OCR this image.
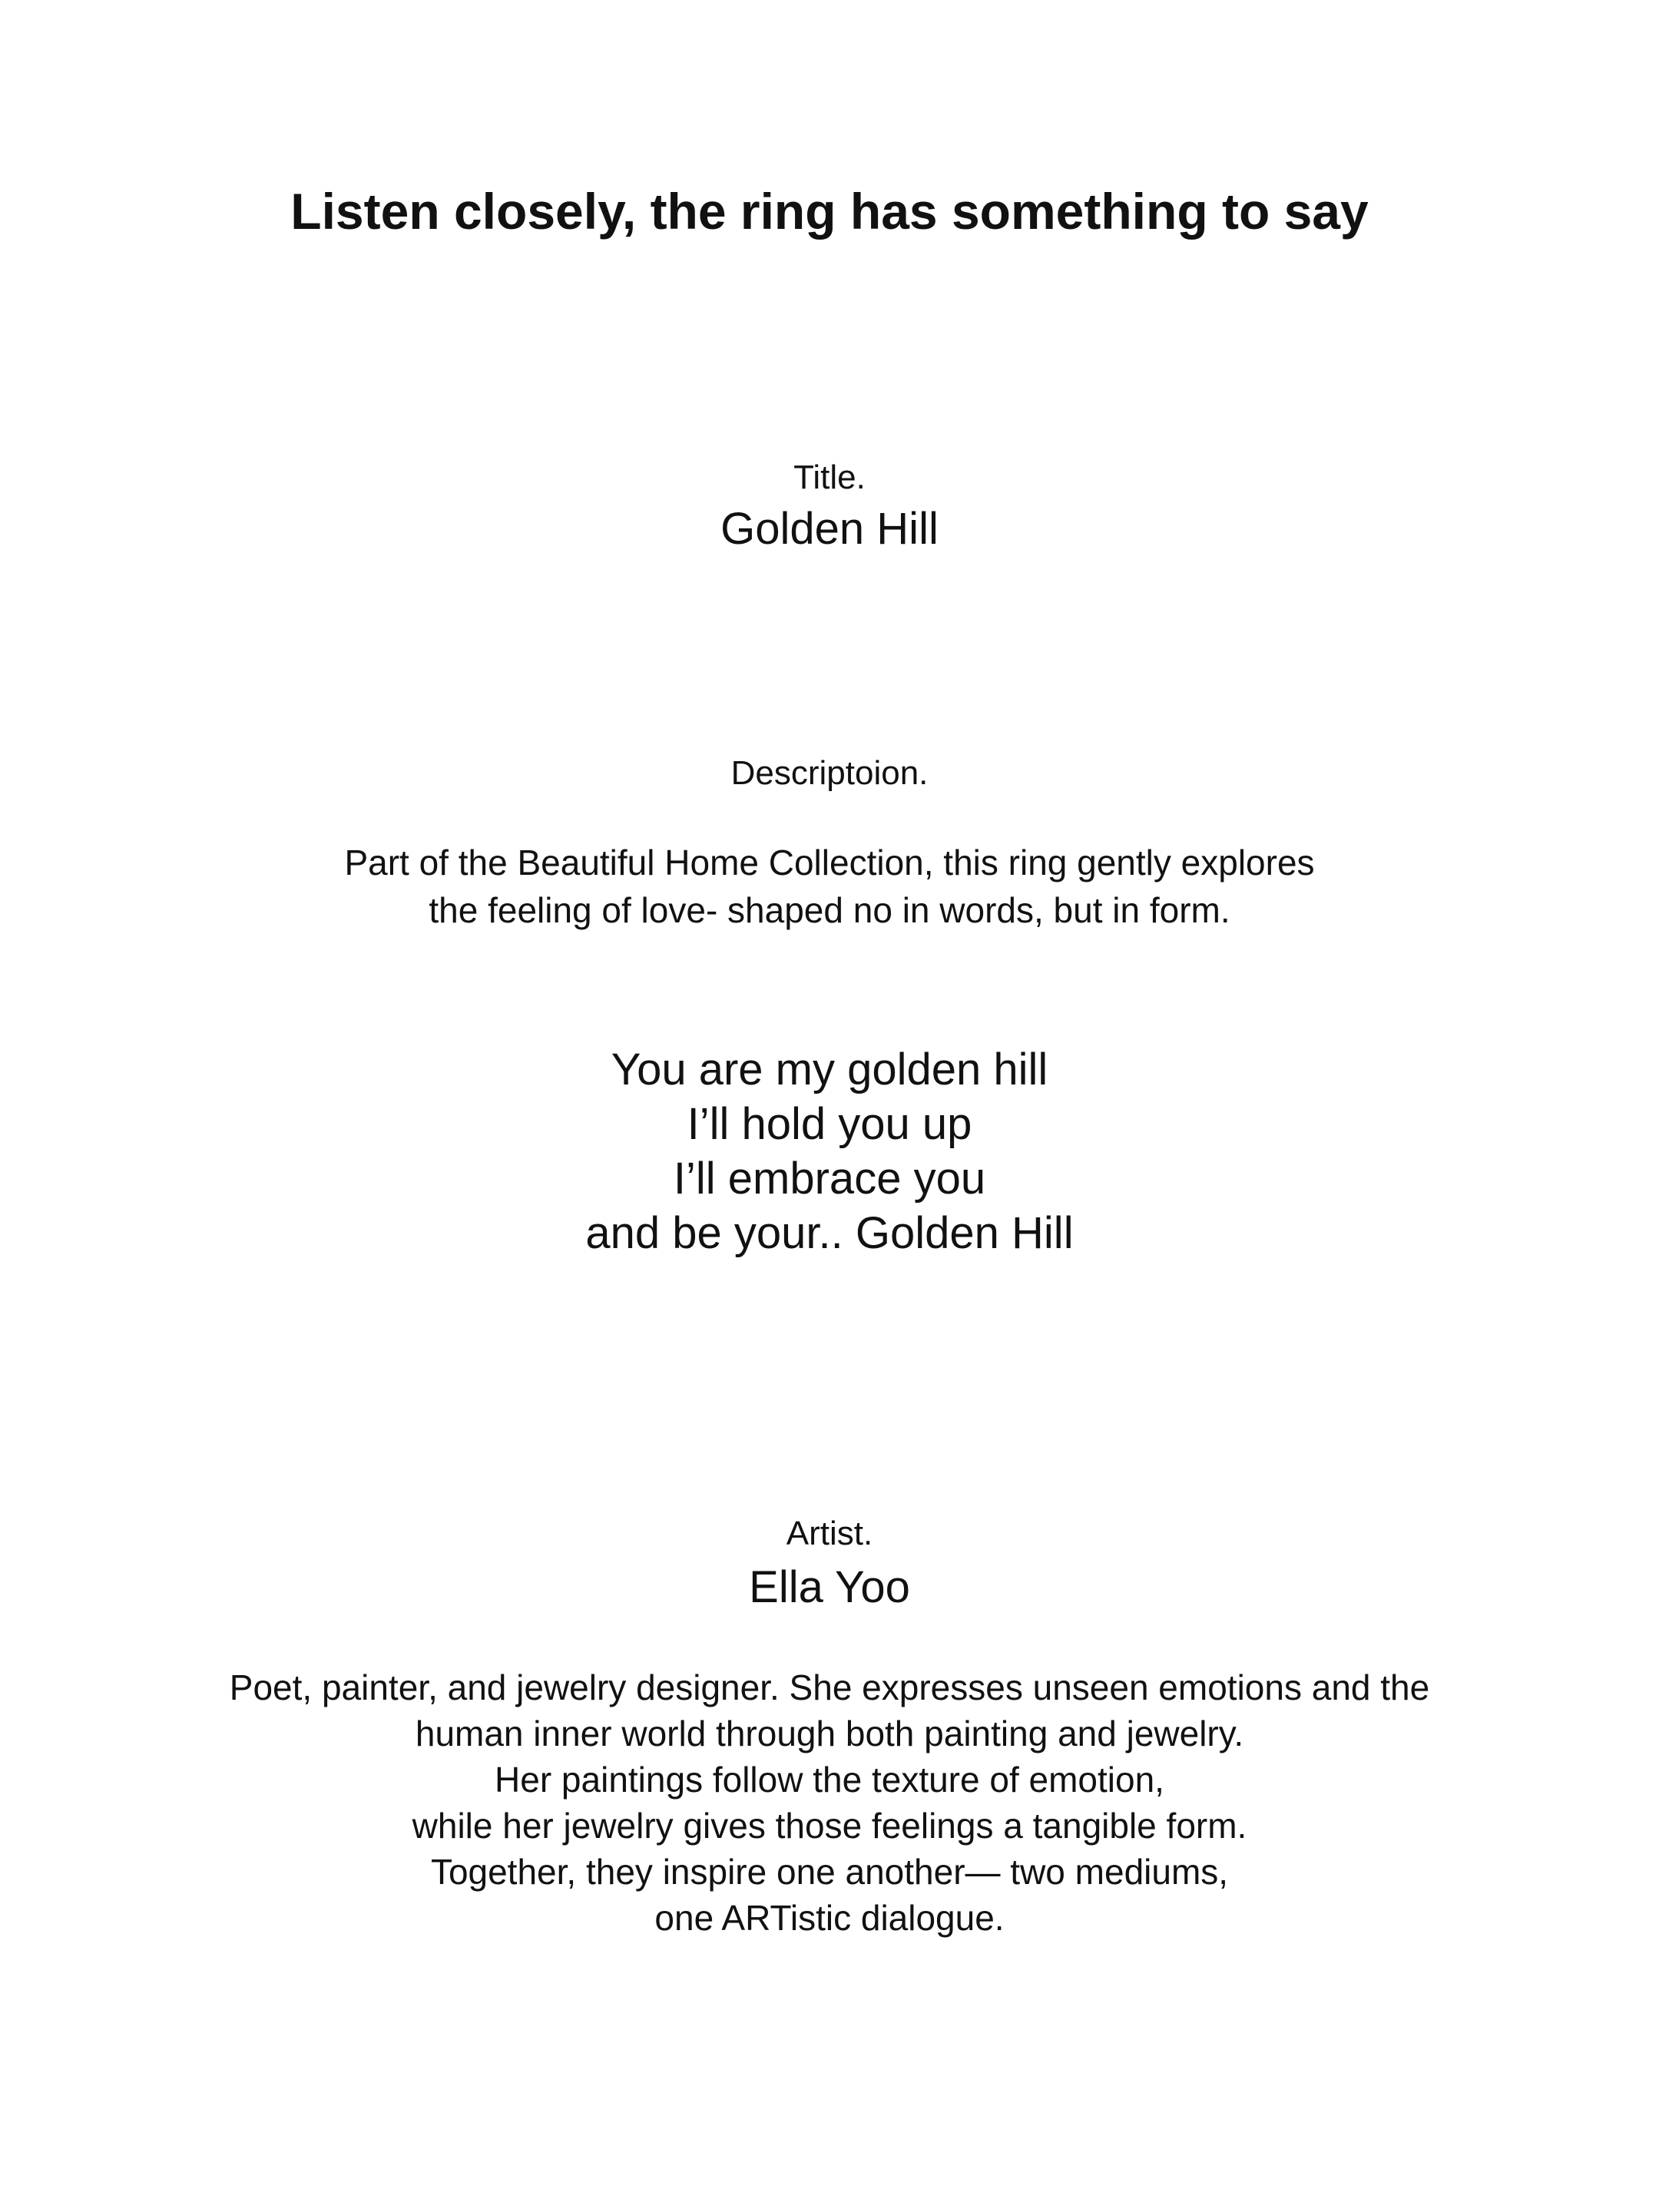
Listen closely, the ring has something to say
Title.
Golden Hill
Descriptoion.
Part of the Beautiful Home Collection, this ring gently explores
the feeling of love- shaped no in words, but in form.
You are my golden hill
I’ll hold you up
I’ll embrace you
and be your.. Golden Hill
Artist.
Ella Yoo
Poet, painter, and jewelry designer. She expresses unseen emotions and the
human inner world through both painting and jewelry.
Her paintings follow the texture of emotion,
while her jewelry gives those feelings a tangible form.
Together, they inspire one another— two mediums,
one ARTistic dialogue.
